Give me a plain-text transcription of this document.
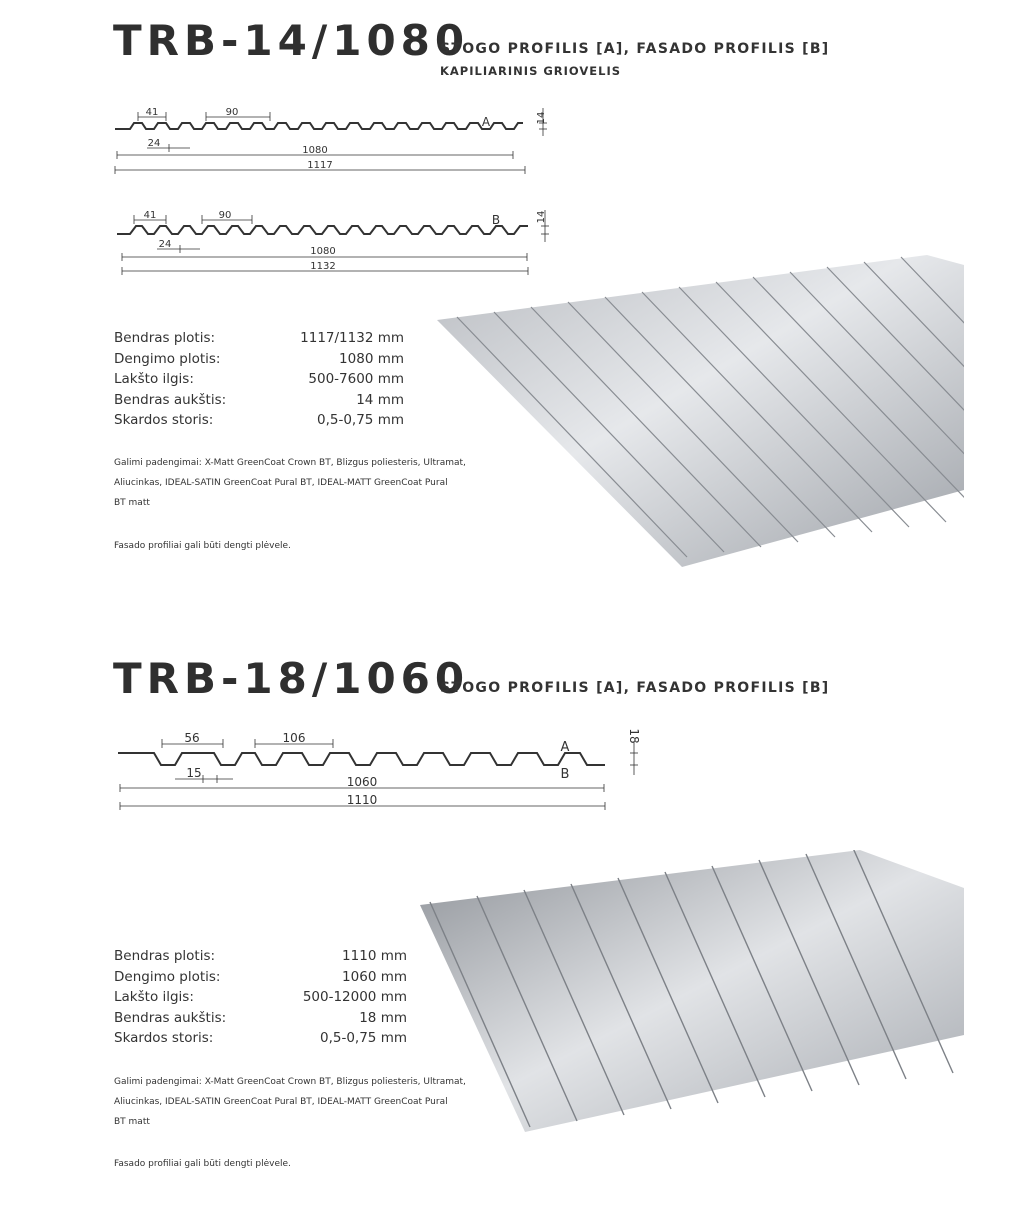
TRB-14/1080
STOGO PROFILIS [A], FASADO PROFILIS [B]
KAPILIARINIS GRIOVELIS
41	90
24
1080
1117
A	14
41	90
24
1080
1132
B	14
Bendras plotis:	1117/1132 mm
Dengimo plotis:	1080 mm
Lakšto ilgis:	500-7600 mm
Bendras aukštis:	14 mm
Skardos storis:	0,5-0,75 mm
Galimi padengimai: X-Matt GreenCoat Crown BT, Blizgus poliesteris, Ultramat,
Aliucinkas, IDEAL-SATIN GreenCoat Pural BT, IDEAL-MATT GreenCoat Pural
BT matt
Fasado profiliai gali būti dengti plėvele.
TRB-18/1060
STOGO PROFILIS [A], FASADO PROFILIS [B]
56	106
15
1060
1110
A
B
18
Bendras plotis:	1110 mm
Dengimo plotis:	1060 mm
Lakšto ilgis:	500-12000 mm
Bendras aukštis:	18 mm
Skardos storis:	0,5-0,75 mm
Galimi padengimai: X-Matt GreenCoat Crown BT, Blizgus poliesteris, Ultramat,
Aliucinkas, IDEAL-SATIN GreenCoat Pural BT, IDEAL-MATT GreenCoat Pural
BT matt
Fasado profiliai gali būti dengti plėvele.
